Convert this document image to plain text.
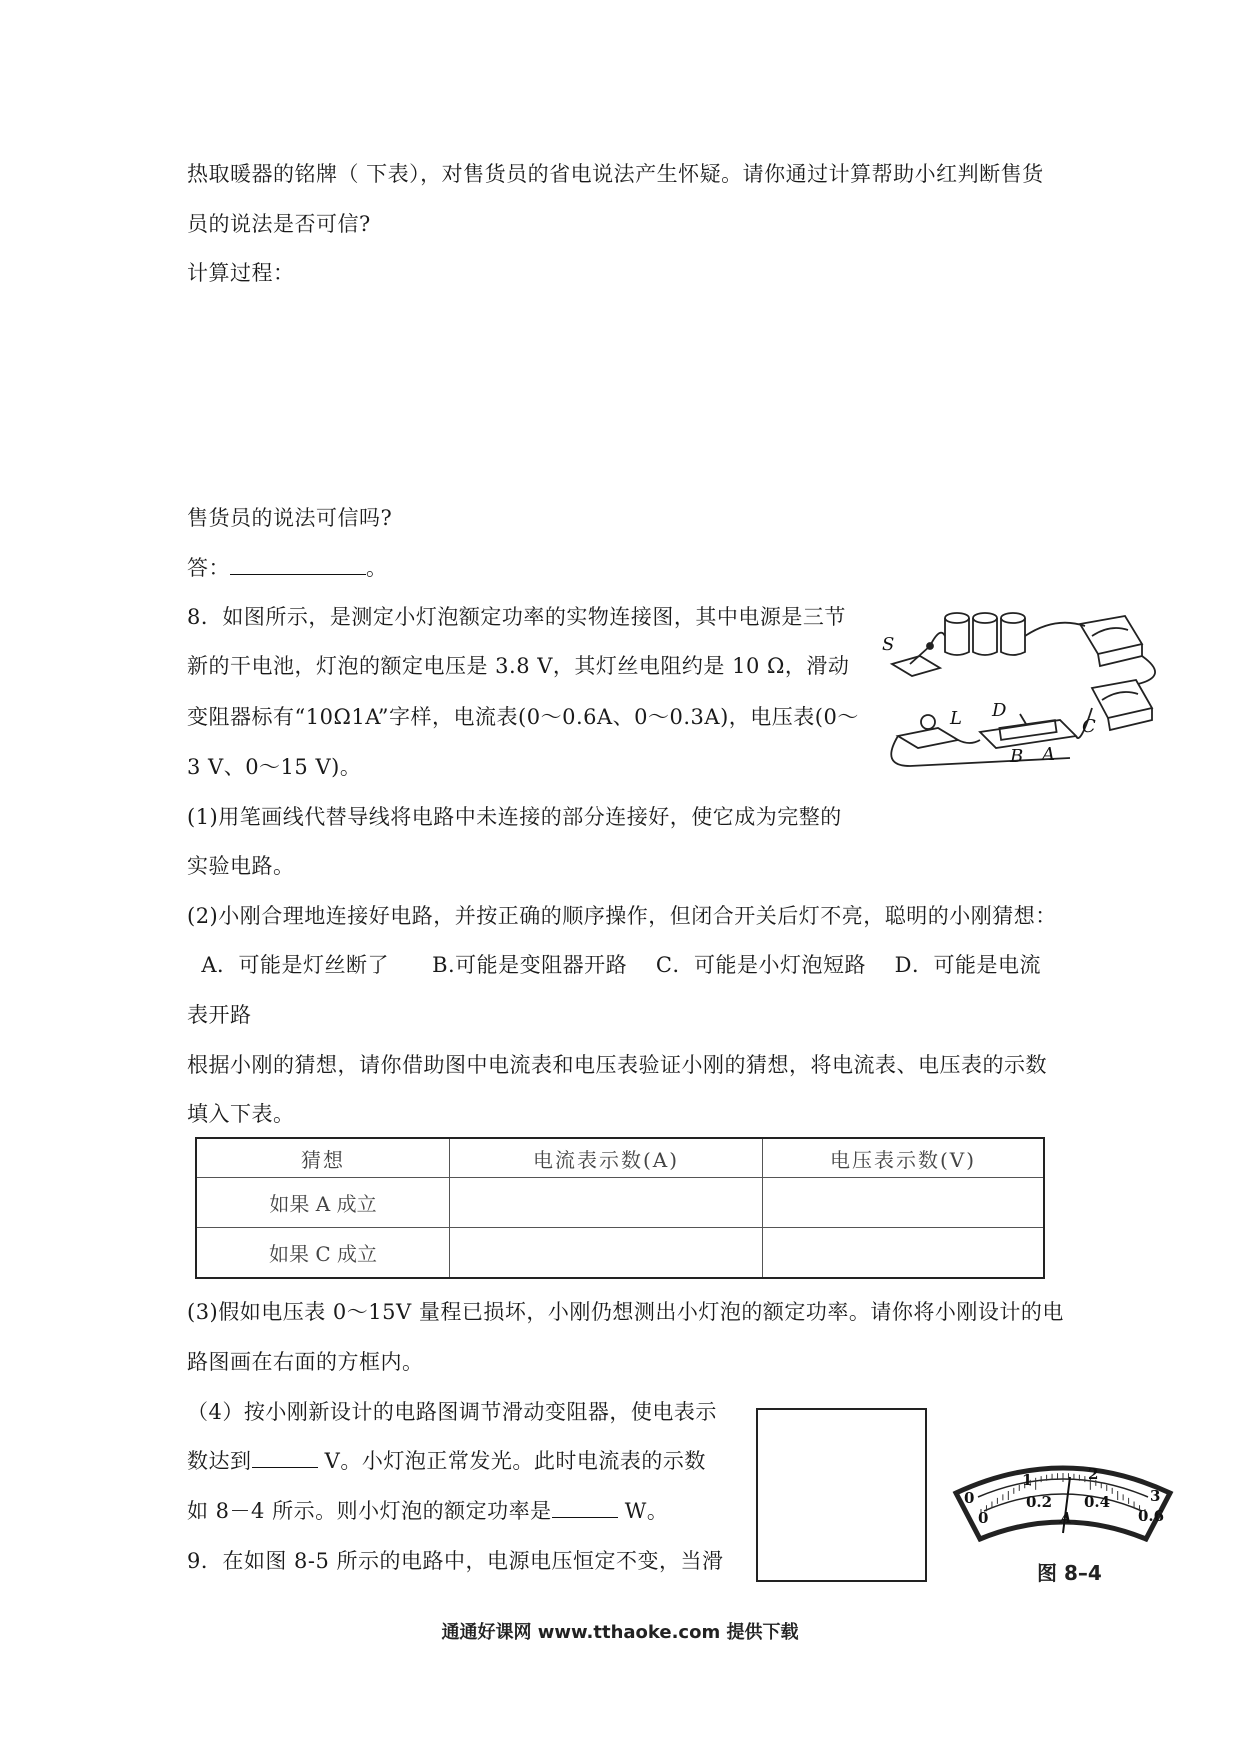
热取暖器的铭牌（ 下表），对售货员的省电说法产生怀疑。请你通过计算帮助小红判断售货
员的说法是否可信?
计算过程：
售货员的说法可信吗?
答：	。
8．如图所示，是测定小灯泡额定功率的实物连接图，其中电源是三节
新的干电池，灯泡的额定电压是 3.8 V，其灯丝电阻约是 10 Ω，滑动
变阻器标有“10Ω1A”字样，电流表(0～0.6A、0～0.3A)，电压表(0～
3 V、0～15 V)。
(1)用笔画线代替导线将电路中未连接的部分连接好，使它成为完整的
实验电路。
(2)小刚合理地连接好电路，并按正确的顺序操作，但闭合开关后灯不亮，聪明的小刚猜想：
A．可能是灯丝断了      B.可能是变阻器开路    C．可能是小灯泡短路    D．可能是电流
表开路
根据小刚的猜想，请你借助图中电流表和电压表验证小刚的猜想，将电流表、电压表的示数
填入下表。
猜想	电流表示数(A)	电压表示数(V)
如果 A 成立		
如果 C 成立		
(3)假如电压表 0～15V 量程已损坏，小刚仍想测出小灯泡的额定功率。请你将小刚设计的电
路图画在右面的方框内。
（4）按小刚新设计的电路图调节滑动变阻器，使电表示
数达到	V。小灯泡正常发光。此时电流表的示数
如 8－4 所示。则小灯泡的额定功率是	W。
9．在如图 8-5 所示的电路中，电源电压恒定不变，当滑
S
L D
C
B A
0
1	2
3
0
0.2 0.4
0.6
A
图 8–4
通通好课网 www.tthaoke.com 提供下载
